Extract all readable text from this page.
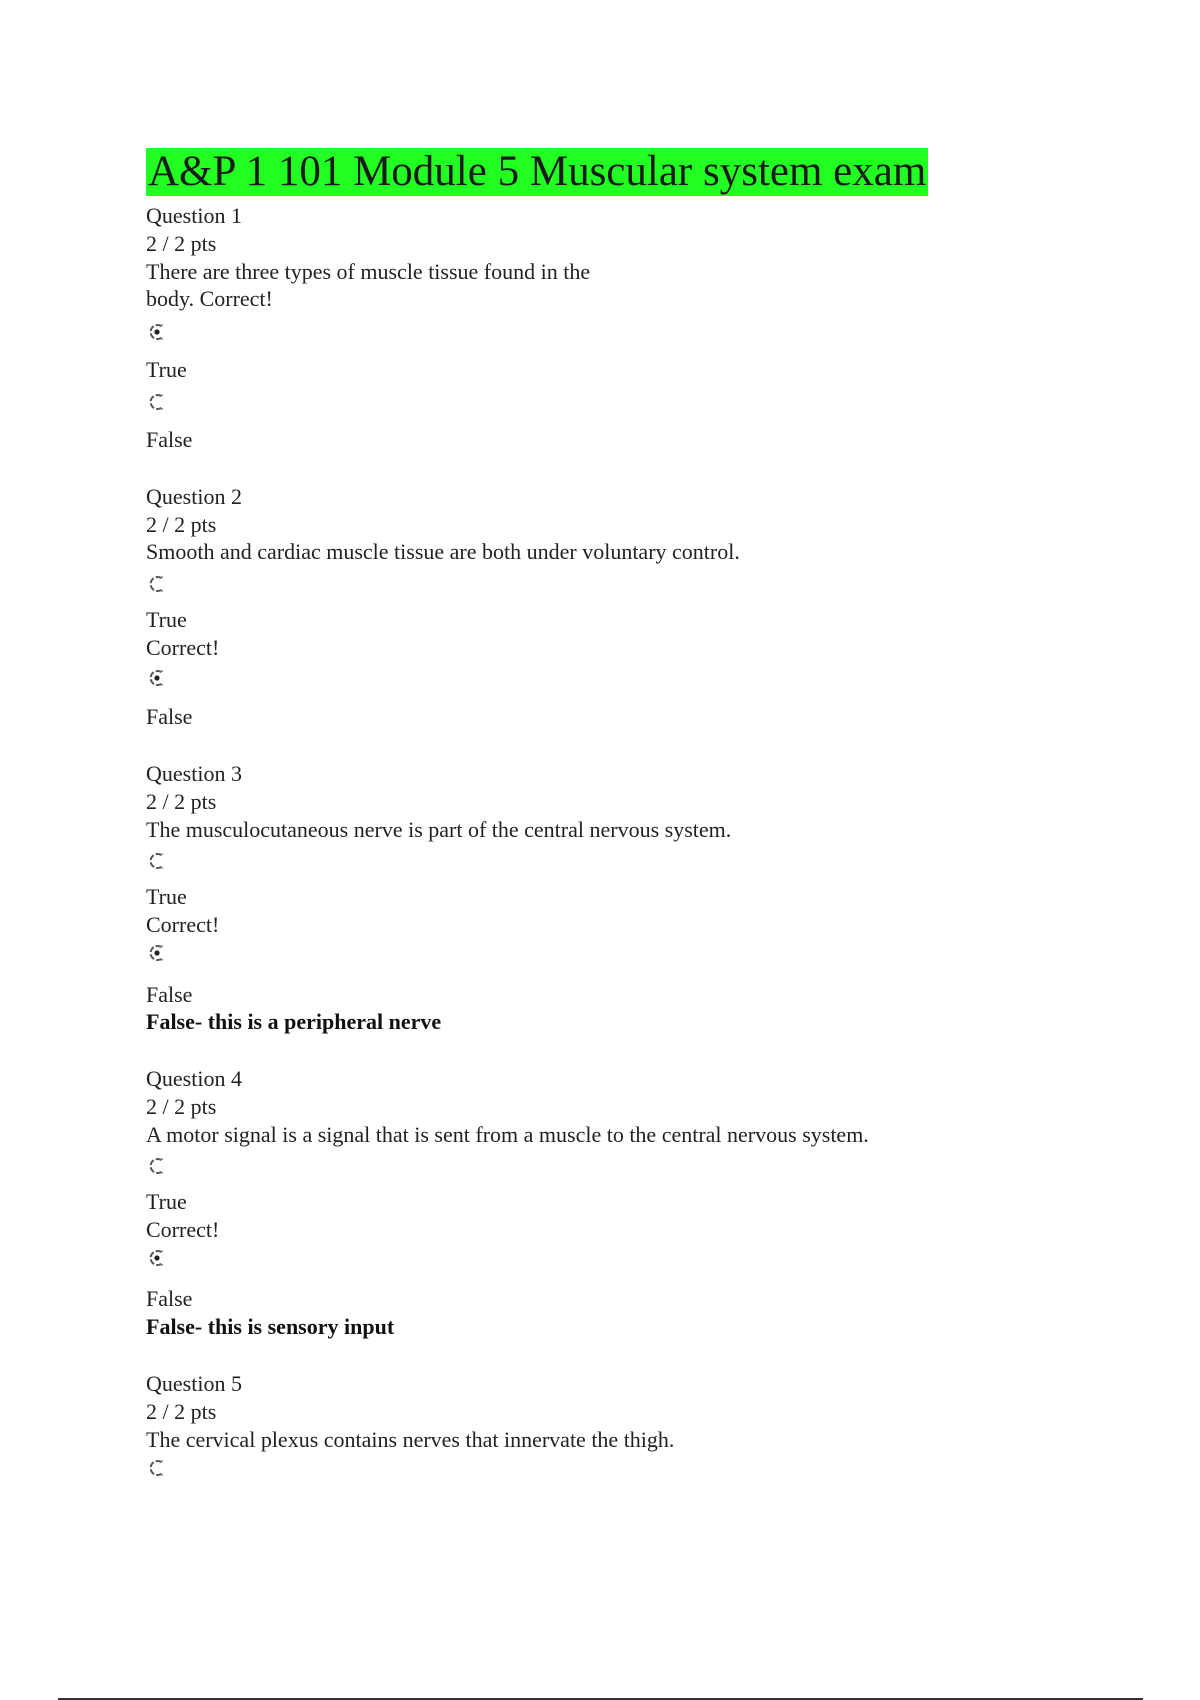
A&P 1 101 Module 5 Muscular system exam

Question 1

2 / 2 pts

There are three types of muscle tissue found in the

body. Correct!

True

False

Question 2

2 / 2 pts

Smooth and cardiac muscle tissue are both under voluntary control.

True

Correct!

False

Question 3

2 / 2 pts

The musculocutaneous nerve is part of the central nervous system.

True

Correct!

False

False- this is a peripheral nerve

Question 4

2 / 2 pts

A motor signal is a signal that is sent from a muscle to the central nervous system.

True

Correct!

False

False- this is sensory input

Question 5

2 / 2 pts

The cervical plexus contains nerves that innervate the thigh.
